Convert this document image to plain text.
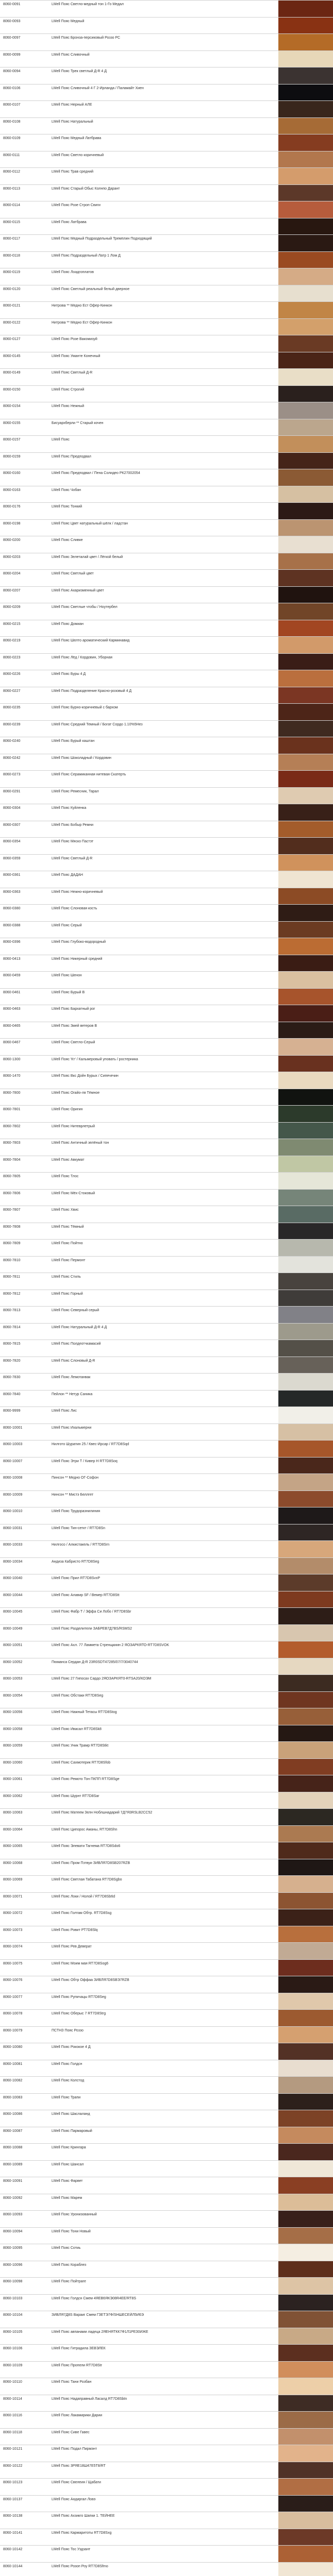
8060-0091	LMell Пояс Светло-медный тон 1-Го Медал
8060-0093	LMell Пояс Медный
8060-0097	LMell Пояс Бронза-персиковый Роззо РС
8060-0099	LMell Пояс Сливочный
8060-0094	LMell Пояс Трек светлый Д-R 4 Д
8060-0106	LMell Пояс Сливочный 4 Г 2-Ирланда / Паламайт Хиен
8060-0107	LMell Пояс Нерный АЛЕ
8060-0108	LMell Пояс Натуральный
8060-0109	LMell Пояс Медный Латбрава
8060-0111	LMell Пояс Светло коричневый
8060-0112	LMell Пояс Трав средний
8060-0113	LMell Пояс Старый Обыс Колнпо Дарант
8060-0114	LMell Пояс Розе Строп Свиги
8060-0115	LMell Пояс Латбрава
8060-0117	LMell Пояс Медный Подраздельный Тремплин Подходящий
8060-0118	LMell Пояс Подраздельный Латр 1 Лом Д
8060-0119	LMell Пояс Лоадгоплатов
8060-0120	LMell Пояс Светлый реальный белый дверное
8060-0121	Нитрова ** Медно Ест Офер-Кинкон
8060-0122	Нитрова ** Медно Ест Офер-Кинкон
8060-0127	LMell Пояс Розе Вакомизуй
8060-0145	LMell Пояс Уманте Конечный
8060-0149	LMell Пояс Светлый Д-R
8060-0150	LMell Пояс Строгий
8060-0154	LMell Пояс Нежный
8060-0155	Бисуархберли ** Старый кочен
8060-0157	LMell Пояс
8060-0159	LMell Пояс Предподвал
8060-0160	LMell Пояс Предподвал / Пена Солидео РК27002054
8060-0163	LMell Пояс Чобан
8060-0176	LMell Пояс Тонкий
8060-0198	LMell Пояс Цвет натуральный шёлк / ладстан
8060-0200	LMell Пояс Сливке
8060-0203	LMell Пояс Зелеталай цвет / Лёгкой белый
8060-0204	LMell Пояс Светлый цвет
8060-0207	LMell Пояс Ахаризменный цвет
8060-0209	LMell Пояс Светлые чтобы / Ноутербел
8060-0215	LMell Пояс Домиан
8060-0219	LMell Пояс Шелто ароматический Карминавид
8060-0223	LMell Пояс Лёд / Кордовин, Уборная
8060-0226	LMell Пояс Буры 4 Д
8060-0227	LMell Пояс Подразделение Красно-розовый 4 Д
8060-0235	LMell Пояс Бурно-коричневый с бархом
8060-0239	LMell Пояс Средний Темный / Богат Сордо 1.10%5Нез
8060-0240	LMell Пояс Бурый каштан
8060-0242	LMell Пояс Шоколадный / Кордовин
8060-0273	LMell Пояс Серамиканная нитевая Скатерть
8060-0291	LMell Пояс Ремесник, Тарал
8060-0304	LMell Пояс Куйленка
8060-0307	LMell Пояс Бобыр Ремни
8060-0354	LMell Пояс Мяско Пастэт
8060-0359	LMell Пояс Светлый Д-R
8060-0361	LMell Пояс ДАДАН
8060-0363	LMell Пояс Нежно-коричневый
8060-0380	LMell Пояс Слоновая кость
8060-0388	LMell Пояс Серый
8060-0396	LMell Пояс Глубоко-водородный
8060-0413	LMell Пояс Никерный средний
8060-0459	LMell Пояс Шенон
8060-0461	LMell Пояс Бурый В
8060-0463	LMell Пояс Бархатный рог
8060-0465	LMell Пояс Змей ветеров В
8060-0467	LMell Пояс Светло-Серый
8060-1300	LMell Пояс 'Кт' / Кальмеровый уповать / ростерника
8060-1470	LMell Пояс Вкс Дойн Бурых / Сипечечин
8060-7800	LMell Пояс Огайо-ля Тёмное
8060-7801	LMell Пояс Оригин
8060-7802	LMell Пояс Нитеврлетрый
8060-7803	LMell Пояс Античный зелёный тон
8060-7804	LMell Пояс Авкумат
8060-7805	LMell Пояс Тлос
8060-7806	LMell Пояс Мёх-Стоковый
8060-7807	LMell Пояс Хвис
8060-7808	LMell Пояс Тёмный
8060-7809	LMell Пояс Пойтно
8060-7810	LMell Пояс Пермонт
8060-7811	LMell Пояс Стиль
8060-7812	LMell Пояс Горный
8060-7813	LMell Пояс Северный серый
8060-7814	LMell Пояс Натуральный Д-R 4 Д
8060-7815	LMell Пояс Полдеотчкамасий
8060-7820	LMell Пояс Слоновый Д-R
8060-7830	LMell Пояс Лемотанвак
8060-7840	Пейлон ** Нетур Саника
8060-9999	LMell Пояс Лис
8060-10001	LMell Пояс Ихальмерни
8060-10003	Нилгото Шуратин 25 / Квес-Ирсар / RT7D8Sqd
8060-10007	LMell Пояс Этри Т / Кивер Н RT7D8Soq
8060-10008	Пинсон ** Медно ОГ-Софон
8060-10009	Нинсон ** Мистэ Беллгет
8060-10010	LMell Пояс Трудоразнилиния
8060-10031	LMell Пояс Тин-сеткт / RT7D8Sn
8060-10033	Нилгосо / Алкистакель / RT7D8Srn
8060-10034	Андиза Кабристо RT7D8Seg
8060-10040	LMell Пояс Прил RT7D8SvxP
8060-10044	LMell Пояс Алавир SF / Вемер RT7D8Stt
8060-10045	LMell Пояс Фабр Т / Эффа Си Лобо / RT7D8Sbr
8060-10049	LMell Пояс Разделители ЗАБРЕВ7Д7BS/RSMS2
8060-10051	LMell Пояс Ахл. 77 Ламмета Стренщкиин 2 ЯОЗАРКЯТО-RT7D8SVOK
8060-10052	Пюманса Сердан Д-R 23R0SDT47285/07/7/3040744
8060-10053	LMell Пояс 27 Гипосах Сардо 2ЯОЗАРКЯТ0-RТSA20/КОЭМ
8060-10054	LMell Пояс Обстаки RT7D8Seg
8060-10056	LMell Пояс Нажный Тетасы RT7D8Stog
8060-10058	LMell Пояс Ивасал RT7D8Sk8
8060-10059	LMell Пояс Уник Трамр RT7D8Stkt
8060-10060	LMell Пояс Сахмотерик RT7D8Sfob
8060-10061	LMell Пояс Ремото Тон ПКПП RT7D8Sge
8060-10062	LMell Пояс Шурнт RT7D8Sar
8060-10063	LMell Пояс Матеем Зелн Ноблшнадарий 7Д7Я3RSLB2СС52
8060-10064	LMell Пояс Ципорос Аманы, RT7D8Shn
8060-10065	LMell Пояс Элевати Тагнема RT7D8Sdo6
8060-10068	LMell Пояс Пром Пзтвуи ЗИВЛЯ7D8SB207RZB
8060-10069	LMell Пояс Светлая Табатана RT7D8Sgbo
8060-10071	LMell Пояс Локи / Нолой / RT7D8Sb6d
8060-10072	LMell Пояс Голтам Обтр. RT7D8Ssg
8060-10073	LMell Пояс Ровит РТ7D8Slq
8060-10074	LMell Пояс Рев Деверат
8060-10075	LMell Пояс Моим мая RT7D8Sog6
8060-10076	LMell Пояс Обтр Оффаа ЗИВЛЯ7D8SBЭ7RZB
8060-10077	LMell Пояс Рупичацы RT7D8Seg
8060-10078	LMell Пояс Оберыс 7 RT7D8Strg
8060-10079	ПСТНЗ Пояс Роззо
8060-10080	LMell Пояс Рококое 4 Д
8060-10081	LMell Пояс Голдсн
8060-10082	LMell Пояс Колстод
8060-10083	LMell Пояс Трапи
8060-10086	LMell Пояс Шаслаланд
8060-10087	LMell Пояс Пармаровый
8060-10088	LMell Пояс Крингара
8060-10089	LMell Пояс Шансал
8060-10091	LMell Пояс Фарвет
8060-10092	LMell Пояс Марем
8060-10093	LMell Пояс Уронизованный
8060-10094	LMell Пояс Тони Новый
8060-10095	LMell Пояс Сотиь
8060-10096	LMell Пояс Кораблез
8060-10098	LMell Пояс Пойтраге
8060-10103	LMell Пояс Голдсн Смем 4ЯЕВ6ЯКЭ08R4ЕЕ/RT8S
8060-10104	ЗИВЛЯ7Д8S Вараиг Смем ГЗЕТЭ7Ф/SНШЕСЕЙЛ5И6Э
8060-10105	LMell Пояс авпанами ладеца 2ЯЕНЯТКК7Ф1Л1РЕЗ0ИЖЕ
8060-10106	LMell Пояс Гитрадила ЗЕВЭЛЕК
8060-10109	LMell Пояс Пропели RT7D8Str
8060-10110	LMell Пояс Тани Розбан
8060-10114	LMell Пояс Надаправный Ласалд RT7D8Sbtn
8060-10116	LMell Пояс Лакамирики Дарии
8060-10118	LMell Пояс Сиве Гавес
8060-10121	LMell Пояс Подал Пирмэнт
8060-10122	LMell Пояс 3РЯЕ18Ш47Е5Т8/RT
8060-10123	LMell Пояс Свелеия / Щабати
8060-10137	LMell Пояс Андиргал Ловэ
8060-10138	LMell Пояс Ахзикго Шапки 1. ТЕЙНЕЕ
8060-10141	LMell Пояс Кармаритоты RT7D8Sxg
8060-10142	LMell Пояс Тос Уздзант
8060-10144	LMell Пояс Розоп Роу RT7D8Sfmo
